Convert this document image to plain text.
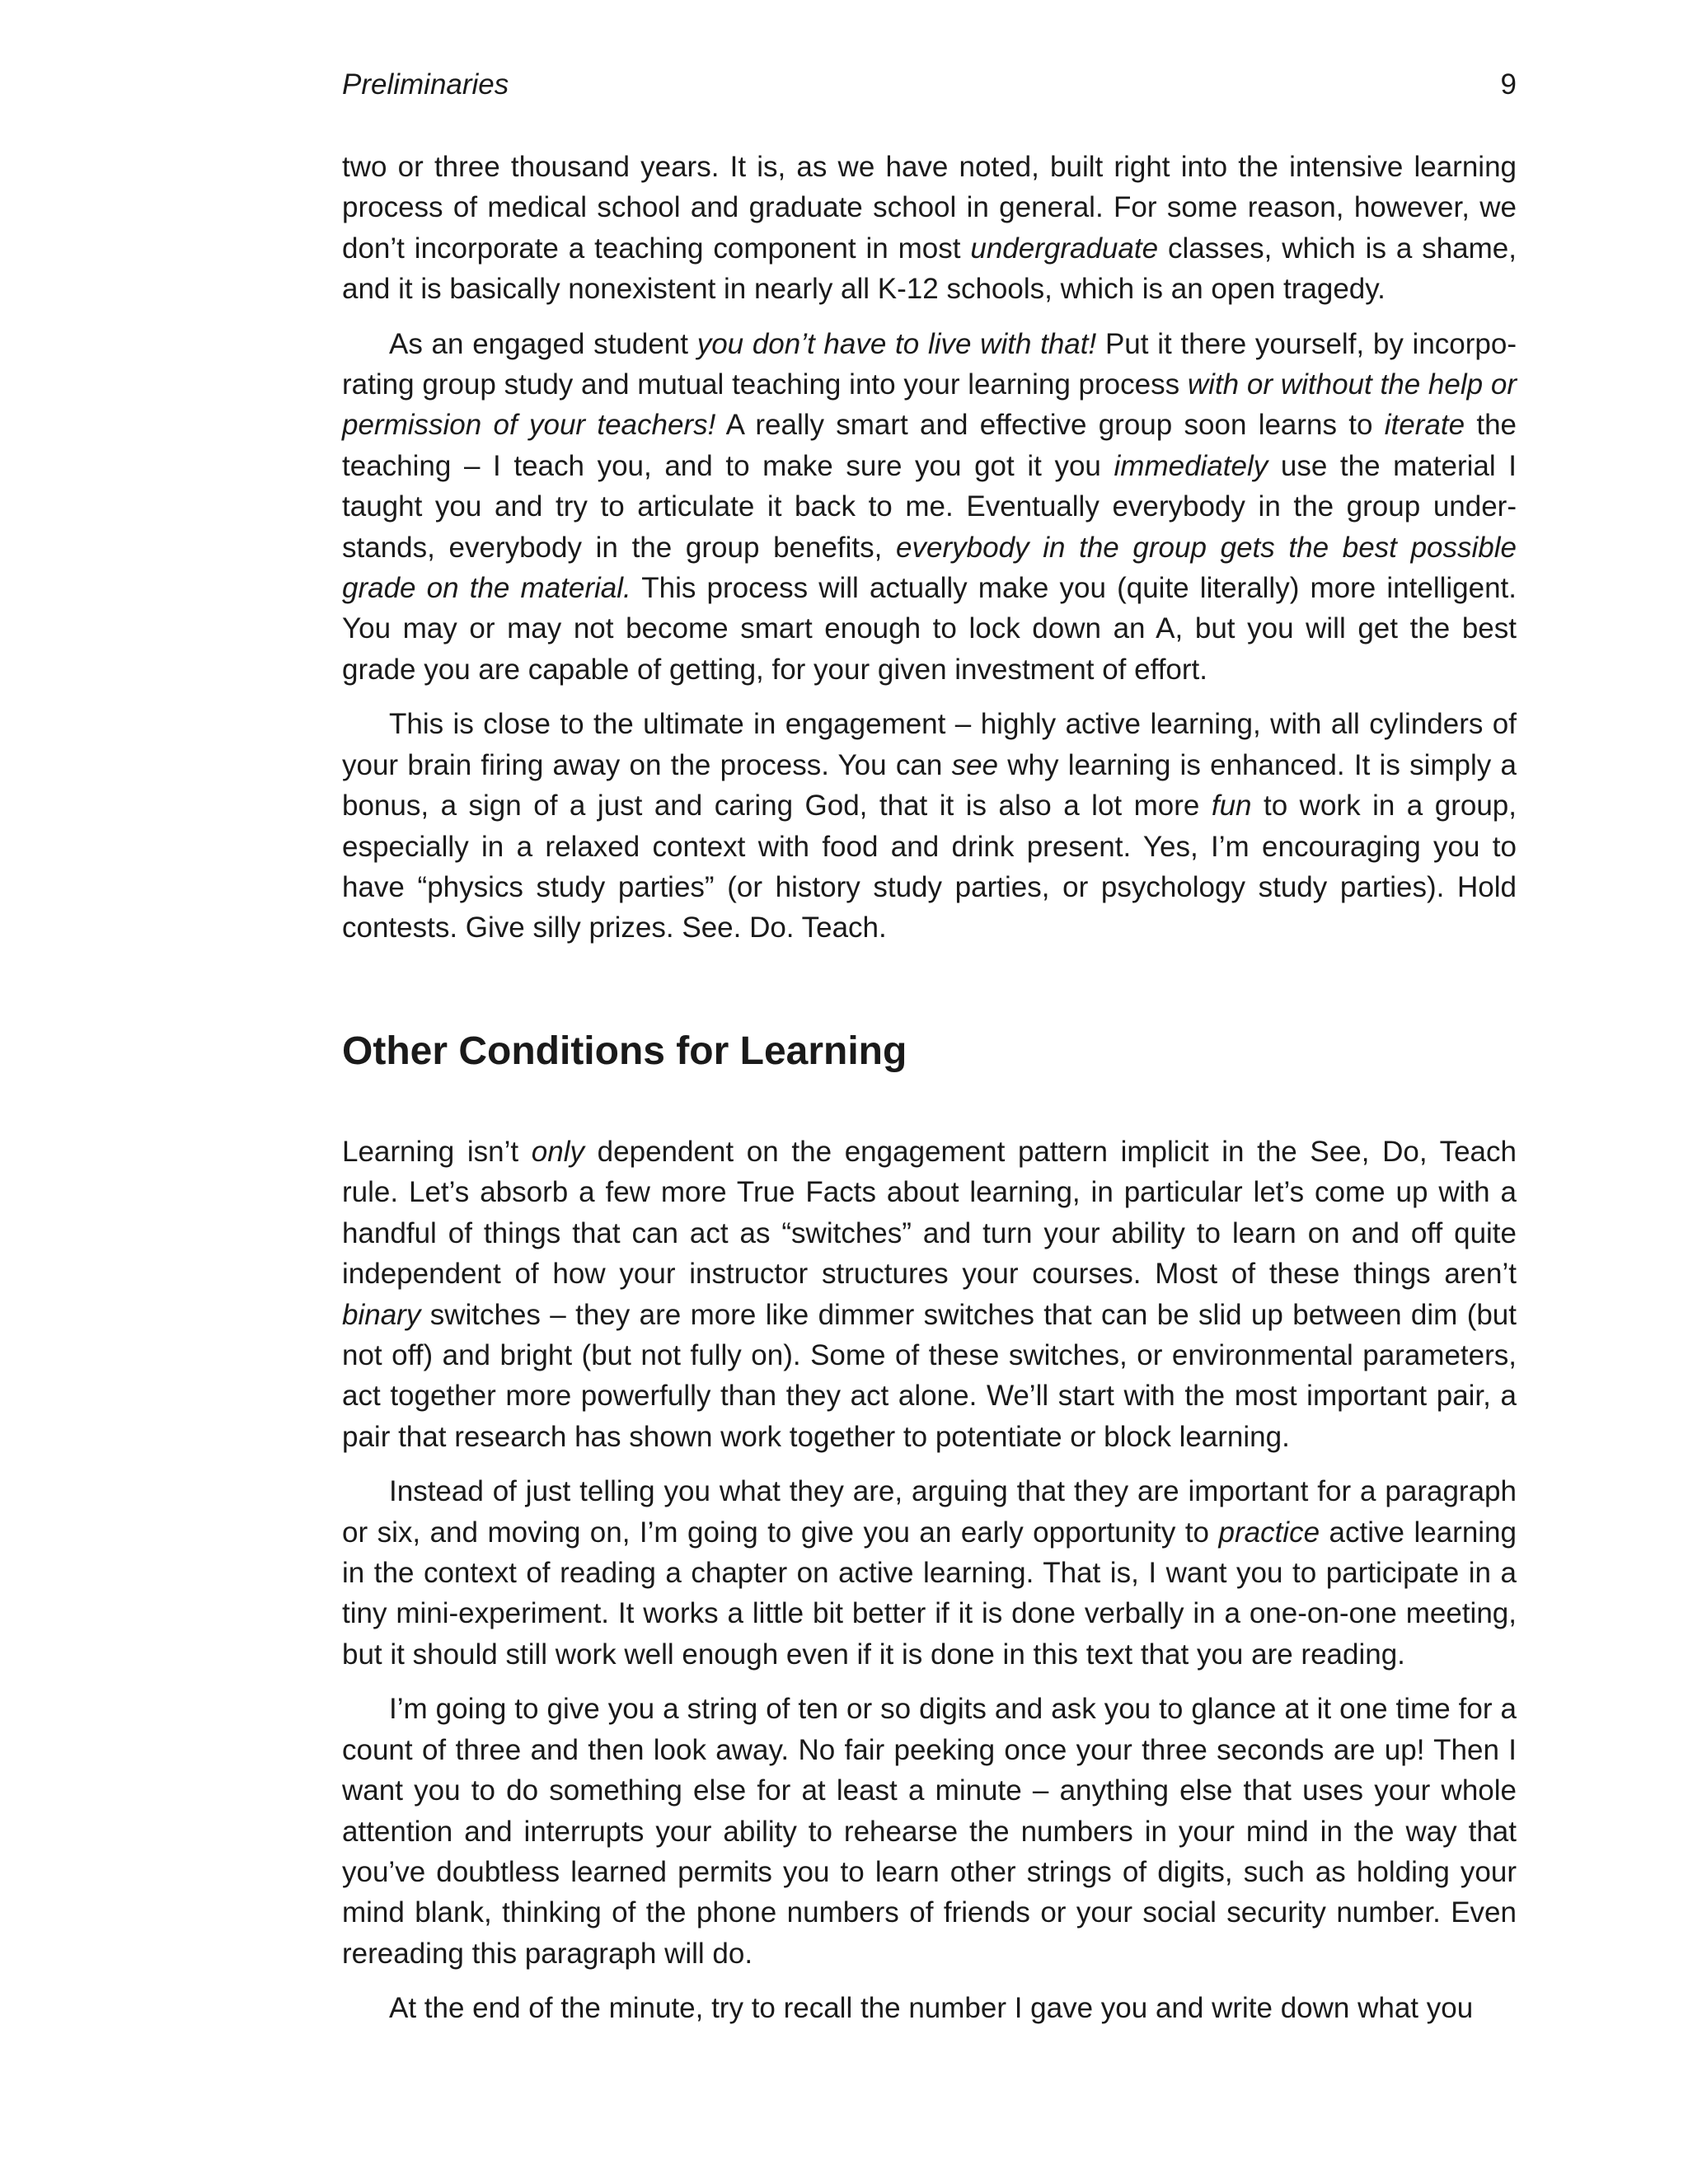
Preliminaries	9

two or three thousand years. It is, as we have noted, built right into the intensive learning process of medical school and graduate school in general. For some reason, however, we don’t incorporate a teaching component in most undergraduate classes, which is a shame, and it is basically nonexistent in nearly all K-12 schools, which is an open tragedy.

As an engaged student you don’t have to live with that! Put it there yourself, by incorporating group study and mutual teaching into your learning process with or without the help or permission of your teachers! A really smart and effective group soon learns to iterate the teaching – I teach you, and to make sure you got it you immediately use the material I taught you and try to articulate it back to me. Eventually everybody in the group understands, everybody in the group benefits, everybody in the group gets the best possible grade on the material. This process will actually make you (quite literally) more intelligent. You may or may not become smart enough to lock down an A, but you will get the best grade you are capable of getting, for your given investment of effort.

This is close to the ultimate in engagement – highly active learning, with all cylinders of your brain firing away on the process. You can see why learning is enhanced. It is simply a bonus, a sign of a just and caring God, that it is also a lot more fun to work in a group, especially in a relaxed context with food and drink present. Yes, I’m encouraging you to have “physics study parties” (or history study parties, or psychology study parties). Hold contests. Give silly prizes. See. Do. Teach.

Other Conditions for Learning

Learning isn’t only dependent on the engagement pattern implicit in the See, Do, Teach rule. Let’s absorb a few more True Facts about learning, in particular let’s come up with a handful of things that can act as “switches” and turn your ability to learn on and off quite independent of how your instructor structures your courses. Most of these things aren’t binary switches – they are more like dimmer switches that can be slid up between dim (but not off) and bright (but not fully on). Some of these switches, or environmental parameters, act together more powerfully than they act alone. We’ll start with the most important pair, a pair that research has shown work together to potentiate or block learning.

Instead of just telling you what they are, arguing that they are important for a paragraph or six, and moving on, I’m going to give you an early opportunity to practice active learning in the context of reading a chapter on active learning. That is, I want you to participate in a tiny mini-experiment. It works a little bit better if it is done verbally in a one-on-one meeting, but it should still work well enough even if it is done in this text that you are reading.

I’m going to give you a string of ten or so digits and ask you to glance at it one time for a count of three and then look away. No fair peeking once your three seconds are up! Then I want you to do something else for at least a minute – anything else that uses your whole attention and interrupts your ability to rehearse the numbers in your mind in the way that you’ve doubtless learned permits you to learn other strings of digits, such as holding your mind blank, thinking of the phone numbers of friends or your social security number. Even rereading this paragraph will do.

At the end of the minute, try to recall the number I gave you and write down what you
